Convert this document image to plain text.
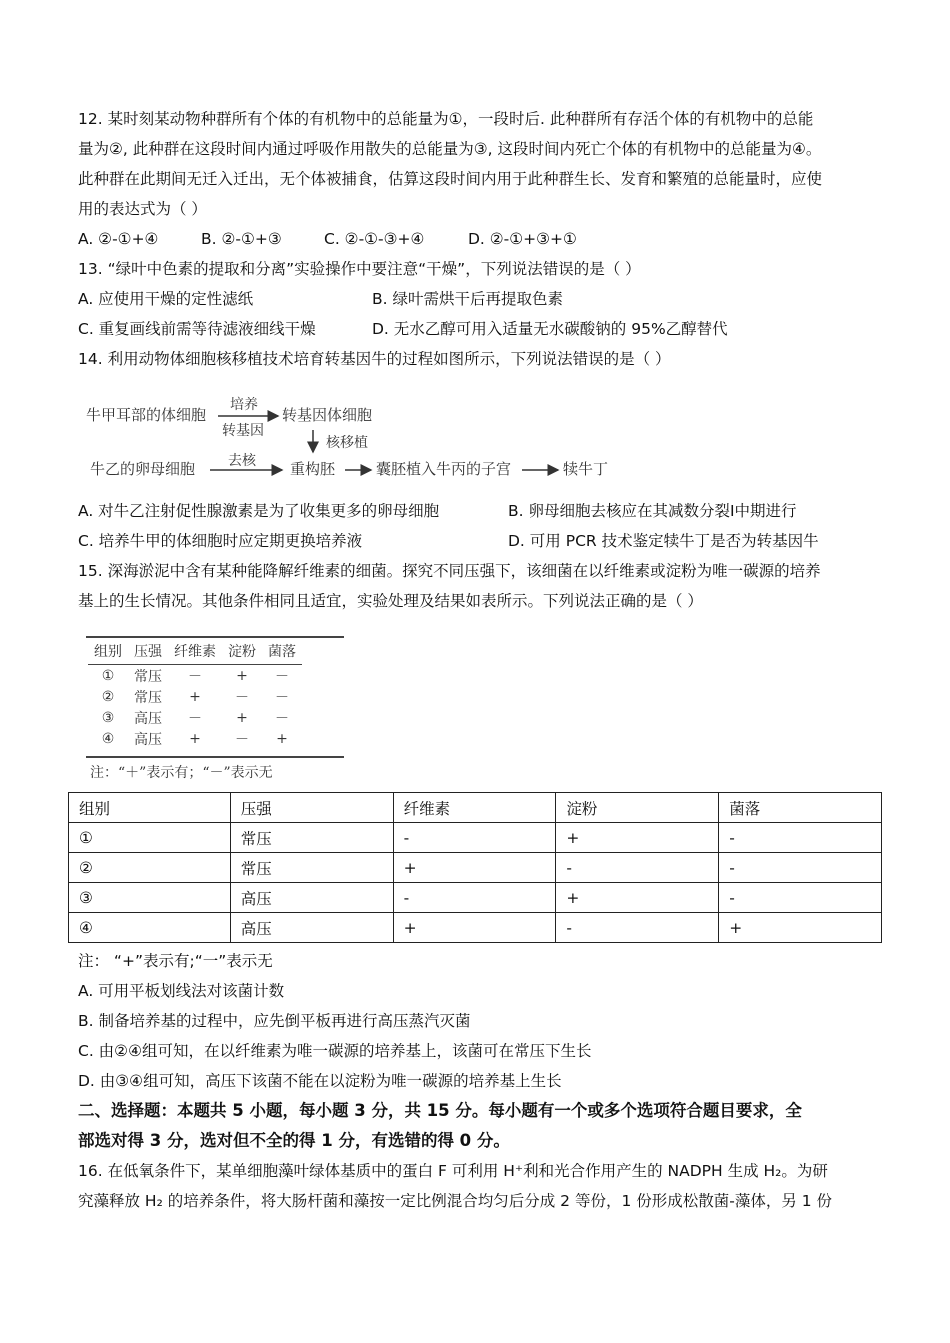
12. 某时刻某动物种群所有个体的有机物中的总能量为①，一段时后. 此种群所有存活个体的有机物中的总能
量为②, 此种群在这段时间内通过呼吸作用散失的总能量为③, 这段时间内死亡个体的有机物中的总能量为④。
此种群在此期间无迁入迁出，无个体被捕食，估算这段时间内用于此种群生长、发育和繁殖的总能量时，应使
用的表达式为（ ）
A. ②-①+④	B. ②-①+③	C. ②-①-③+④	D. ②-①+③+①
13. “绿叶中色素的提取和分离”实验操作中要注意“干燥”，下列说法错误的是（ ）
A. 应使用干燥的定性滤纸	B. 绿叶需烘干后再提取色素
C. 重复画线前需等待滤液细线干燥	D. 无水乙醇可用入适量无水碳酸钠的 95%乙醇替代
14. 利用动物体细胞核移植技术培育转基因牛的过程如图所示，下列说法错误的是（ ）
牛甲耳部的体细胞
培养
转基因
转基因体细胞
核移植
牛乙的卵母细胞 去核 重构胚	囊胚植入牛丙的子宫	犊牛丁
A. 对牛乙注射促性腺激素是为了收集更多的卵母细胞	B. 卵母细胞去核应在其减数分裂I中期进行
C. 培养牛甲的体细胞时应定期更换培养液	D. 可用 PCR 技术鉴定犊牛丁是否为转基因牛
15. 深海淤泥中含有某种能降解纤维素的细菌。探究不同压强下，该细菌在以纤维素或淀粉为唯一碳源的培养
基上的生长情况。其他条件相同且适宜，实验处理及结果如表所示。下列说法正确的是（ ）
组别	压强	纤维素	淀粉	菌落
①	常压	－	+	－
②	常压	+	－	－
③	高压	－	+	－
④	高压	+	－	+
注：“＋”表示有；“－”表示无
组别	压强	纤维素	淀粉	菌落
①	常压	-	+	-
②	常压	+	-	-
③	高压	-	+	-
④	高压	+	-	+
注： “+”表示有;“一”表示无
A. 可用平板划线法对该菌计数
B. 制备培养基的过程中，应先倒平板再进行高压蒸汽灭菌
C. 由②④组可知，在以纤维素为唯一碳源的培养基上，该菌可在常压下生长
D. 由③④组可知，高压下该菌不能在以淀粉为唯一碳源的培养基上生长
二、选择题：本题共 5 小题，每小题 3 分，共 15 分。每小题有一个或多个选项符合题目要求，全
部选对得 3 分，选对但不全的得 1 分，有选错的得 0 分。
16. 在低氧条件下，某单细胞藻叶绿体基质中的蛋白 F 可利用 H⁺利和光合作用产生的 NADPH 生成 H₂。为研
究藻释放 H₂ 的培养条件，将大肠杆菌和藻按一定比例混合均匀后分成 2 等份，1 份形成松散菌-藻体，另 1 份
